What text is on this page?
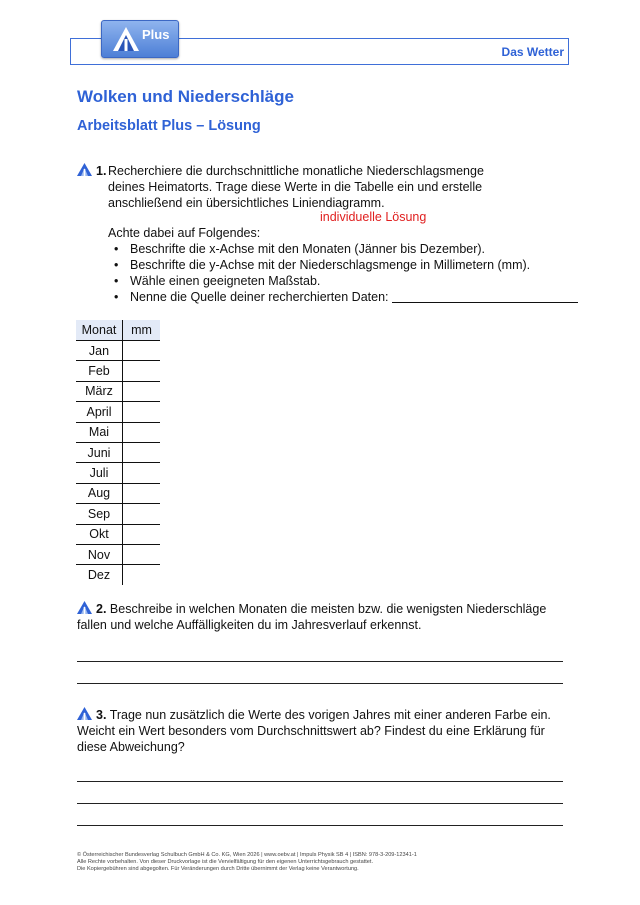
Plus
Das Wetter
Wolken und Niederschläge
Arbeitsblatt Plus – Lösung
1. Recherchiere die durchschnittliche monatliche Niederschlagsmenge deines Heimatorts. Trage diese Werte in die Tabelle ein und erstelle anschließend ein übersichtliches Liniendiagramm.
individuelle Lösung
Achte dabei auf Folgendes:
• Beschrifte die x-Achse mit den Monaten (Jänner bis Dezember).
• Beschrifte die y-Achse mit der Niederschlagsmenge in Millimetern (mm).
• Wähle einen geeigneten Maßstab.
• Nenne die Quelle deiner recherchierten Daten:
Monat	mm
Jan	
Feb	
März	
April	
Mai	
Juni	
Juli	
Aug	
Sep	
Okt	
Nov	
Dez	
2. Beschreibe in welchen Monaten die meisten bzw. die wenigsten Niederschläge fallen und welche Auffälligkeiten du im Jahresverlauf erkennst.
3. Trage nun zusätzlich die Werte des vorigen Jahres mit einer anderen Farbe ein. Weicht ein Wert besonders vom Durchschnittswert ab? Findest du eine Erklärung für diese Abweichung?
© Österreichischer Bundesverlag Schulbuch GmbH & Co. KG, Wien 2026 | www.oebv.at | Impuls Physik SB 4 | ISBN: 978-3-209-12341-1
Alle Rechte vorbehalten. Von dieser Druckvorlage ist die Vervielfältigung für den eigenen Unterrichtsgebrauch gestattet.
Die Kopiergebühren sind abgegolten. Für Veränderungen durch Dritte übernimmt der Verlag keine Verantwortung.
